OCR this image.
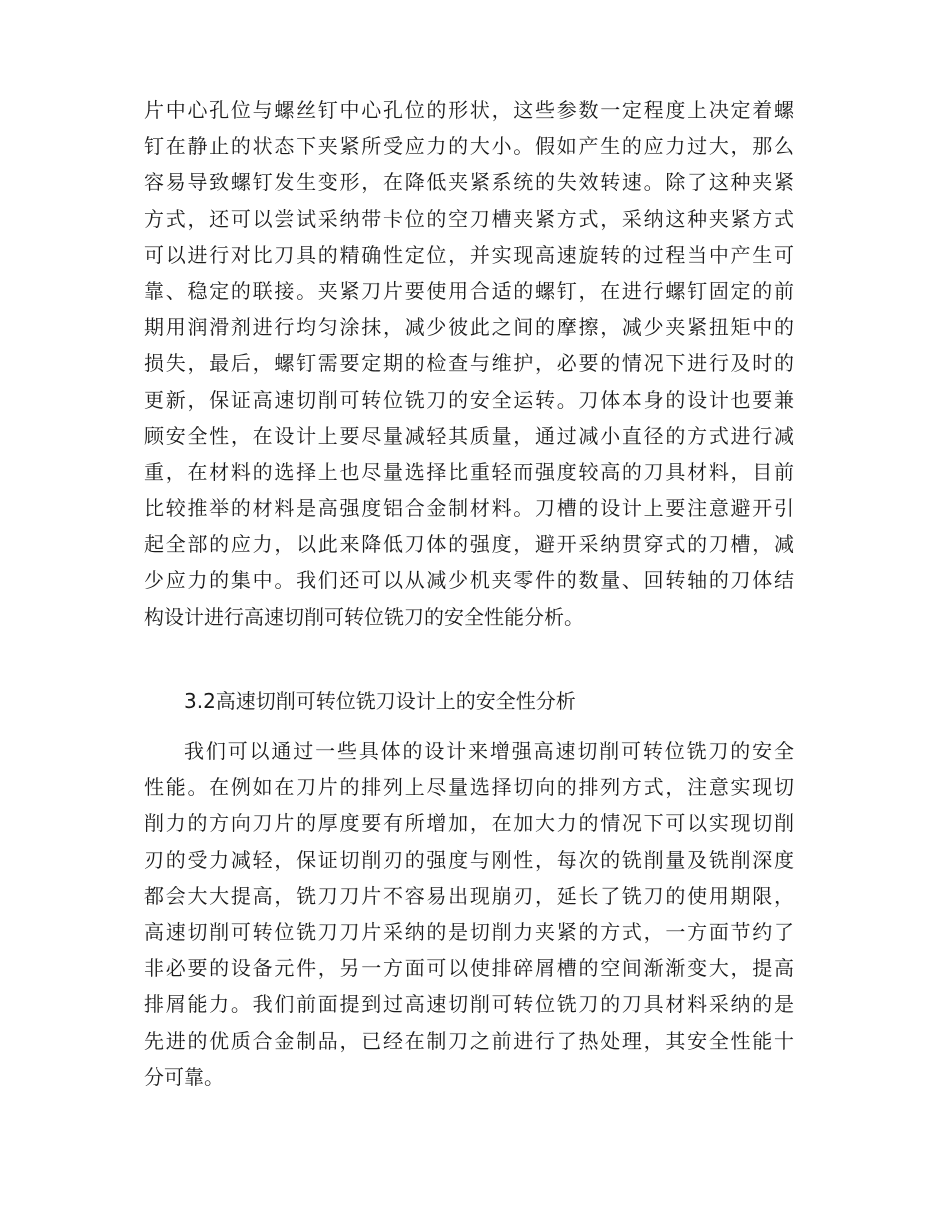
片中心孔位与螺丝钉中心孔位的形状，这些参数一定程度上决定着螺
钉在静止的状态下夹紧所受应力的大小。假如产生的应力过大，那么
容易导致螺钉发生变形，在降低夹紧系统的失效转速。除了这种夹紧
方式，还可以尝试采纳带卡位的空刀槽夹紧方式，采纳这种夹紧方式
可以进行对比刀具的精确性定位，并实现高速旋转的过程当中产生可
靠、稳定的联接。夹紧刀片要使用合适的螺钉，在进行螺钉固定的前
期用润滑剂进行均匀涂抹，减少彼此之间的摩擦，减少夹紧扭矩中的
损失，最后，螺钉需要定期的检查与维护，必要的情况下进行及时的
更新，保证高速切削可转位铣刀的安全运转。刀体本身的设计也要兼
顾安全性，在设计上要尽量减轻其质量，通过减小直径的方式进行减
重，在材料的选择上也尽量选择比重轻而强度较高的刀具材料，目前
比较推举的材料是高强度铝合金制材料。刀槽的设计上要注意避开引
起全部的应力，以此来降低刀体的强度，避开采纳贯穿式的刀槽，减
少应力的集中。我们还可以从减少机夹零件的数量、回转轴的刀体结
构设计进行高速切削可转位铣刀的安全性能分析。
3.2高速切削可转位铣刀设计上的安全性分析
我们可以通过一些具体的设计来增强高速切削可转位铣刀的安全
性能。在例如在刀片的排列上尽量选择切向的排列方式，注意实现切
削力的方向刀片的厚度要有所增加，在加大力的情况下可以实现切削
刃的受力减轻，保证切削刃的强度与刚性，每次的铣削量及铣削深度
都会大大提高，铣刀刀片不容易出现崩刃，延长了铣刀的使用期限，
高速切削可转位铣刀刀片采纳的是切削力夹紧的方式，一方面节约了
非必要的设备元件，另一方面可以使排碎屑槽的空间渐渐变大，提高
排屑能力。我们前面提到过高速切削可转位铣刀的刀具材料采纳的是
先进的优质合金制品，已经在制刀之前进行了热处理，其安全性能十
分可靠。
